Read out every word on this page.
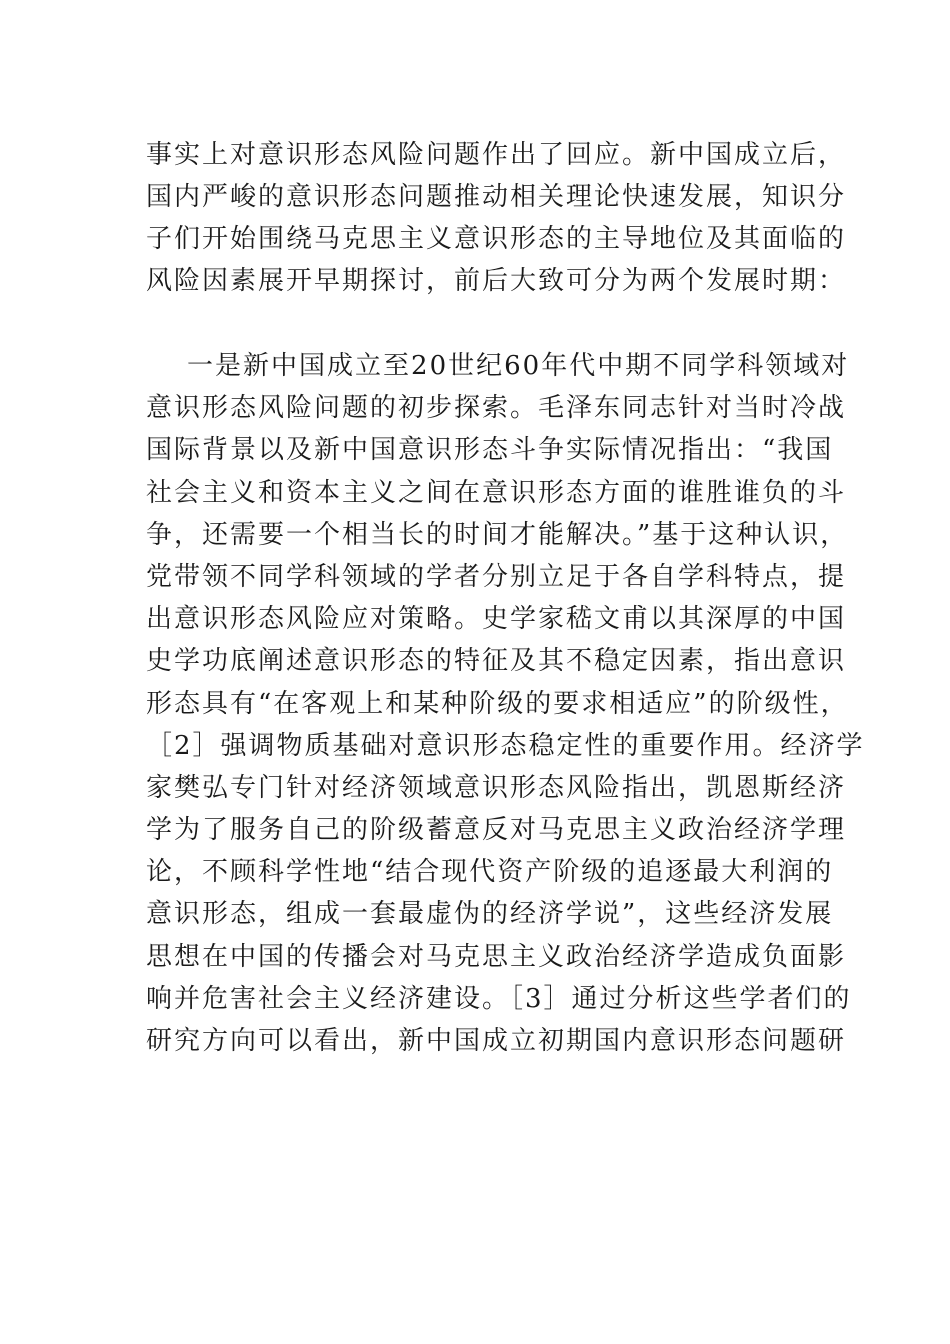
事实上对意识形态风险问题作出了回应。新中国成立后，
国内严峻的意识形态问题推动相关理论快速发展，知识分
子们开始围绕马克思主义意识形态的主导地位及其面临的
风险因素展开早期探讨，前后大致可分为两个发展时期：
一是新中国成立至20世纪60年代中期不同学科领域对
意识形态风险问题的初步探索。毛泽东同志针对当时冷战
国际背景以及新中国意识形态斗争实际情况指出：“我国
社会主义和资本主义之间在意识形态方面的谁胜谁负的斗
争，还需要一个相当长的时间才能解决。”基于这种认识，
党带领不同学科领域的学者分别立足于各自学科特点，提
出意识形态风险应对策略。史学家嵇文甫以其深厚的中国
史学功底阐述意识形态的特征及其不稳定因素，指出意识
形态具有“在客观上和某种阶级的要求相适应”的阶级性，
［2］强调物质基础对意识形态稳定性的重要作用。经济学
家樊弘专门针对经济领域意识形态风险指出，凯恩斯经济
学为了服务自己的阶级蓄意反对马克思主义政治经济学理
论，不顾科学性地“结合现代资产阶级的追逐最大利润的
意识形态，组成一套最虚伪的经济学说”，这些经济发展
思想在中国的传播会对马克思主义政治经济学造成负面影
响并危害社会主义经济建设。［3］通过分析这些学者们的
研究方向可以看出，新中国成立初期国内意识形态问题研
